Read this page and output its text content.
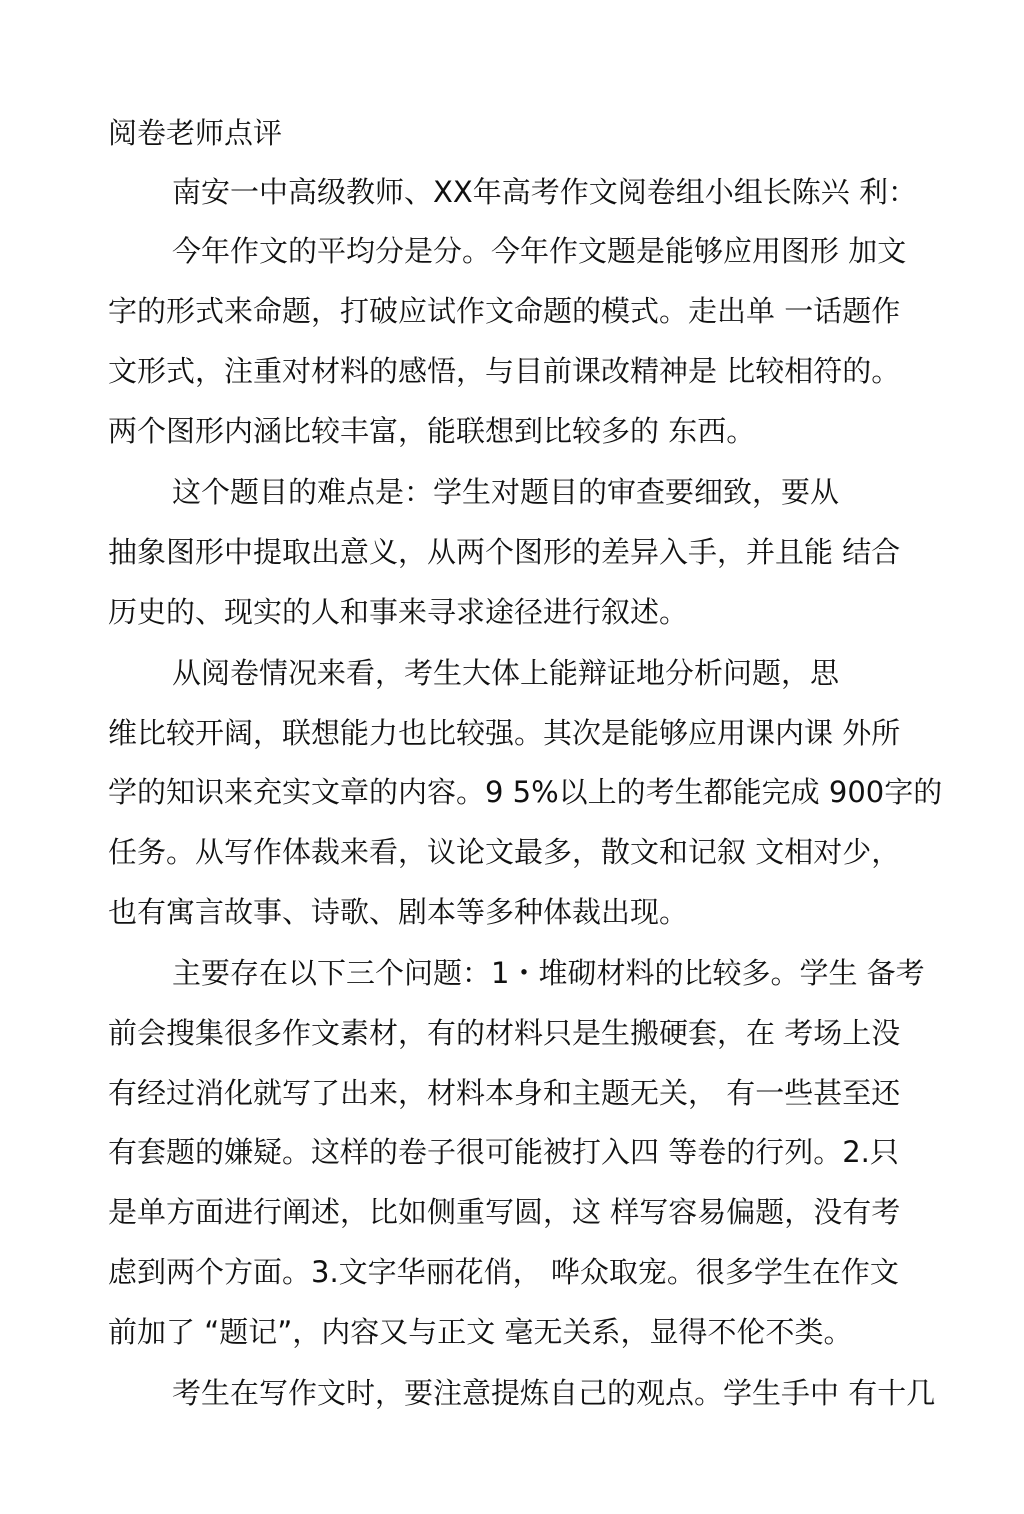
阅卷老师点评
南安一中高级教师、XX年高考作文阅卷组小组长陈兴 利：
今年作文的平均分是分。今年作文题是能够应用图形 加文
字的形式来命题，打破应试作文命题的模式。走出单 一话题作
文形式，注重对材料的感悟，与目前课改精神是 比较相符的。
两个图形内涵比较丰富，能联想到比较多的 东西。
这个题目的难点是：学生对题目的审查要细致，要从
抽象图形中提取出意义，从两个图形的差异入手，并且能 结合
历史的、现实的人和事来寻求途径进行叙述。
从阅卷情况来看，考生大体上能辩证地分析问题，思
维比较开阔，联想能力也比较强。其次是能够应用课内课 外所
学的知识来充实文章的内容。9 5%以上的考生都能完成 900字的
任务。从写作体裁来看，议论文最多，散文和记叙 文相对少，
也有寓言故事、诗歌、剧本等多种体裁出现。
主要存在以下三个问题：1・堆砌材料的比较多。学生 备考
前会搜集很多作文素材，有的材料只是生搬硬套，在 考场上没
有经过消化就写了出来，材料本身和主题无关， 有一些甚至还
有套题的嫌疑。这样的卷子很可能被打入四 等卷的行列。2.只
是单方面进行阐述，比如侧重写圆，这 样写容易偏题，没有考
虑到两个方面。3.文字华丽花俏， 哗众取宠。很多学生在作文
前加了 “题记”，内容又与正文 毫无关系，显得不伦不类。
考生在写作文时，要注意提炼自己的观点。学生手中 有十几
